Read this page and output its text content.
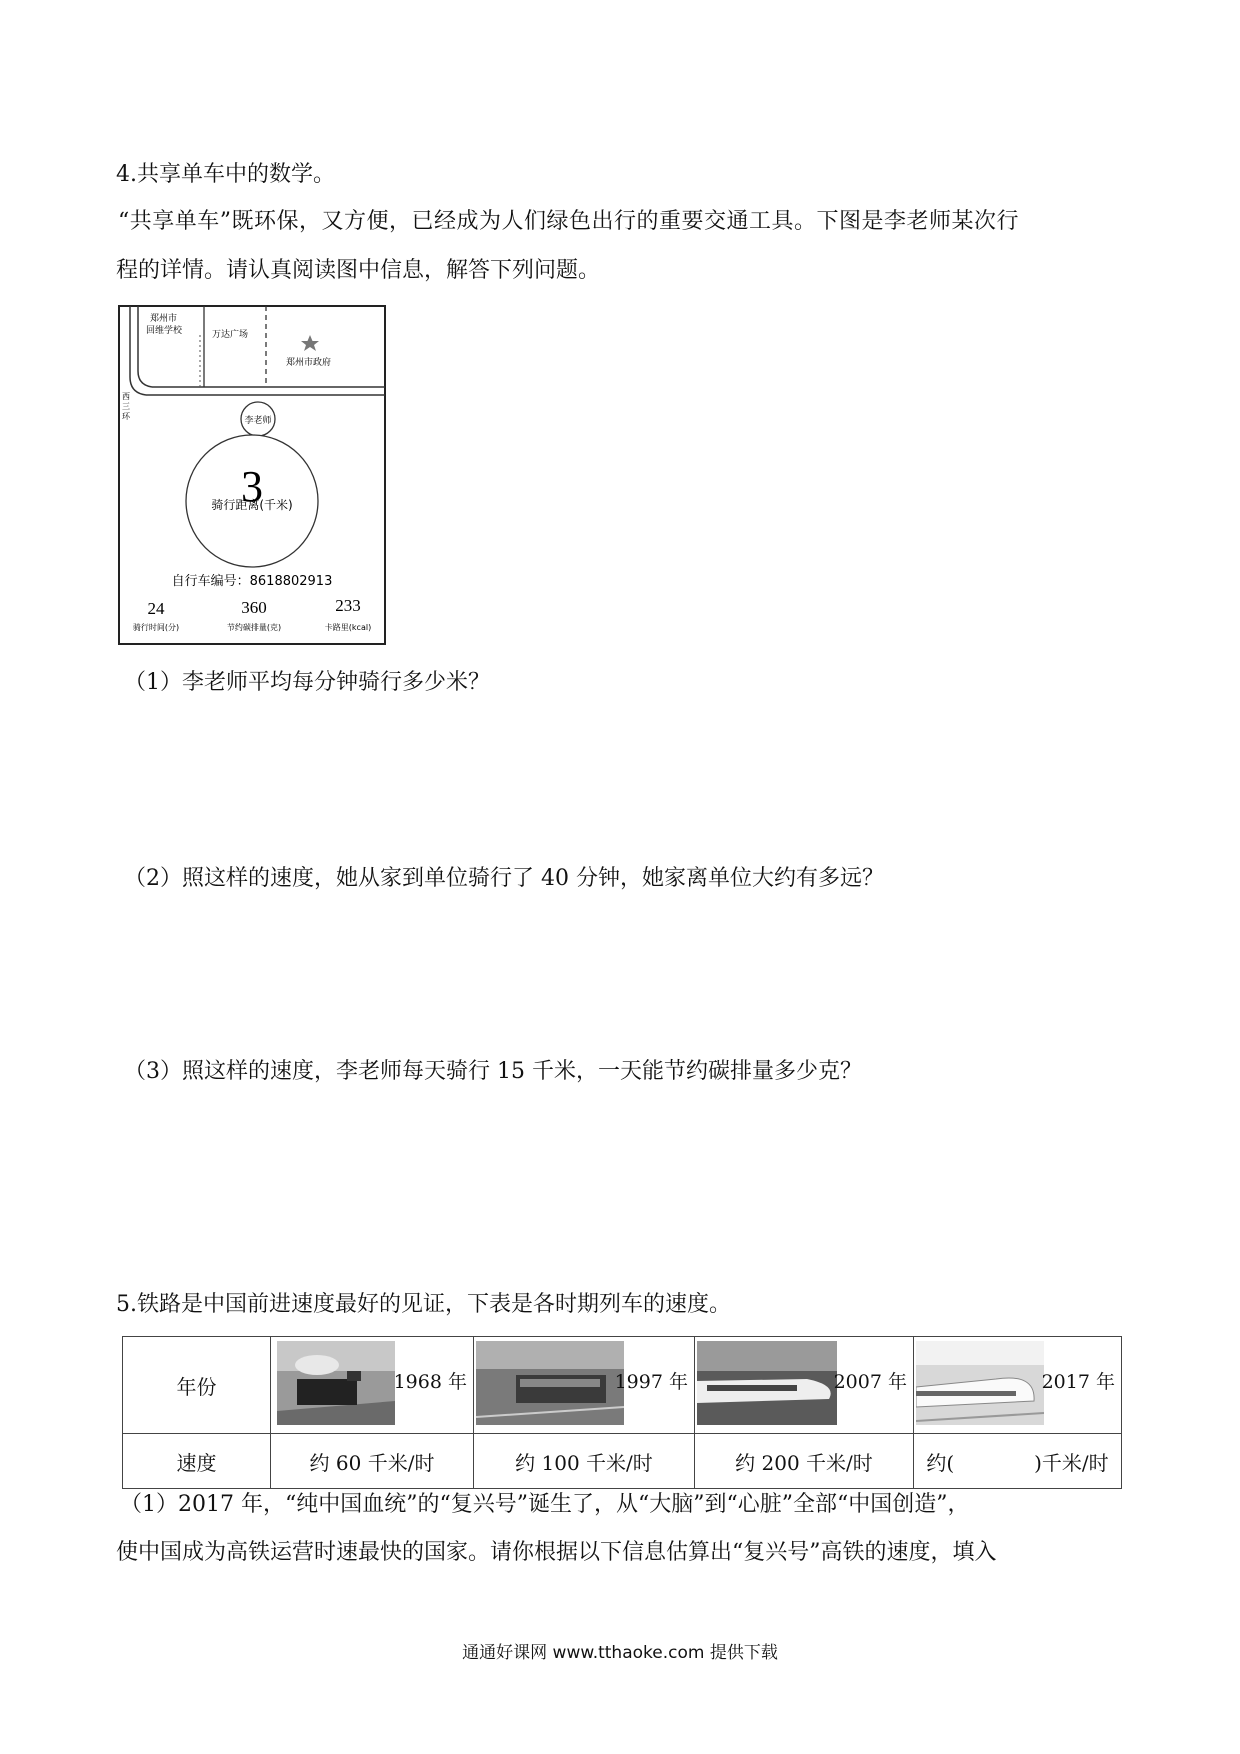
4.共享单车中的数学。
“共享单车”既环保，又方便，已经成为人们绿色出行的重要交通工具。下图是李老师某次行
程的详情。请认真阅读图中信息，解答下列问题。
郑州市
回维学校	万达广场
郑州市政府
西
三
环	李老师
3
骑行距离(千米)
自行车编号：8618802913
24	360	233
骑行时间(分)	节约碳排量(克)	卡路里(kcal)
（1）李老师平均每分钟骑行多少米？
（2）照这样的速度，她从家到单位骑行了 40 分钟，她家离单位大约有多远？
（3）照这样的速度，李老师每天骑行 15 千米，一天能节约碳排量多少克？
5.铁路是中国前进速度最好的见证，下表是各时期列车的速度。
年份	1968 年	1997 年	2007 年	2017 年

速度	约 60 千米/时	约 100 千米/时	约 200 千米/时	约(　　　　)千米/时
（1）2017 年，“纯中国血统”的“复兴号”诞生了，从“大脑”到“心脏”全部“中国创造”，
使中国成为高铁运营时速最快的国家。请你根据以下信息估算出“复兴号”高铁的速度，填入
通通好课网 www.tthaoke.com 提供下载
